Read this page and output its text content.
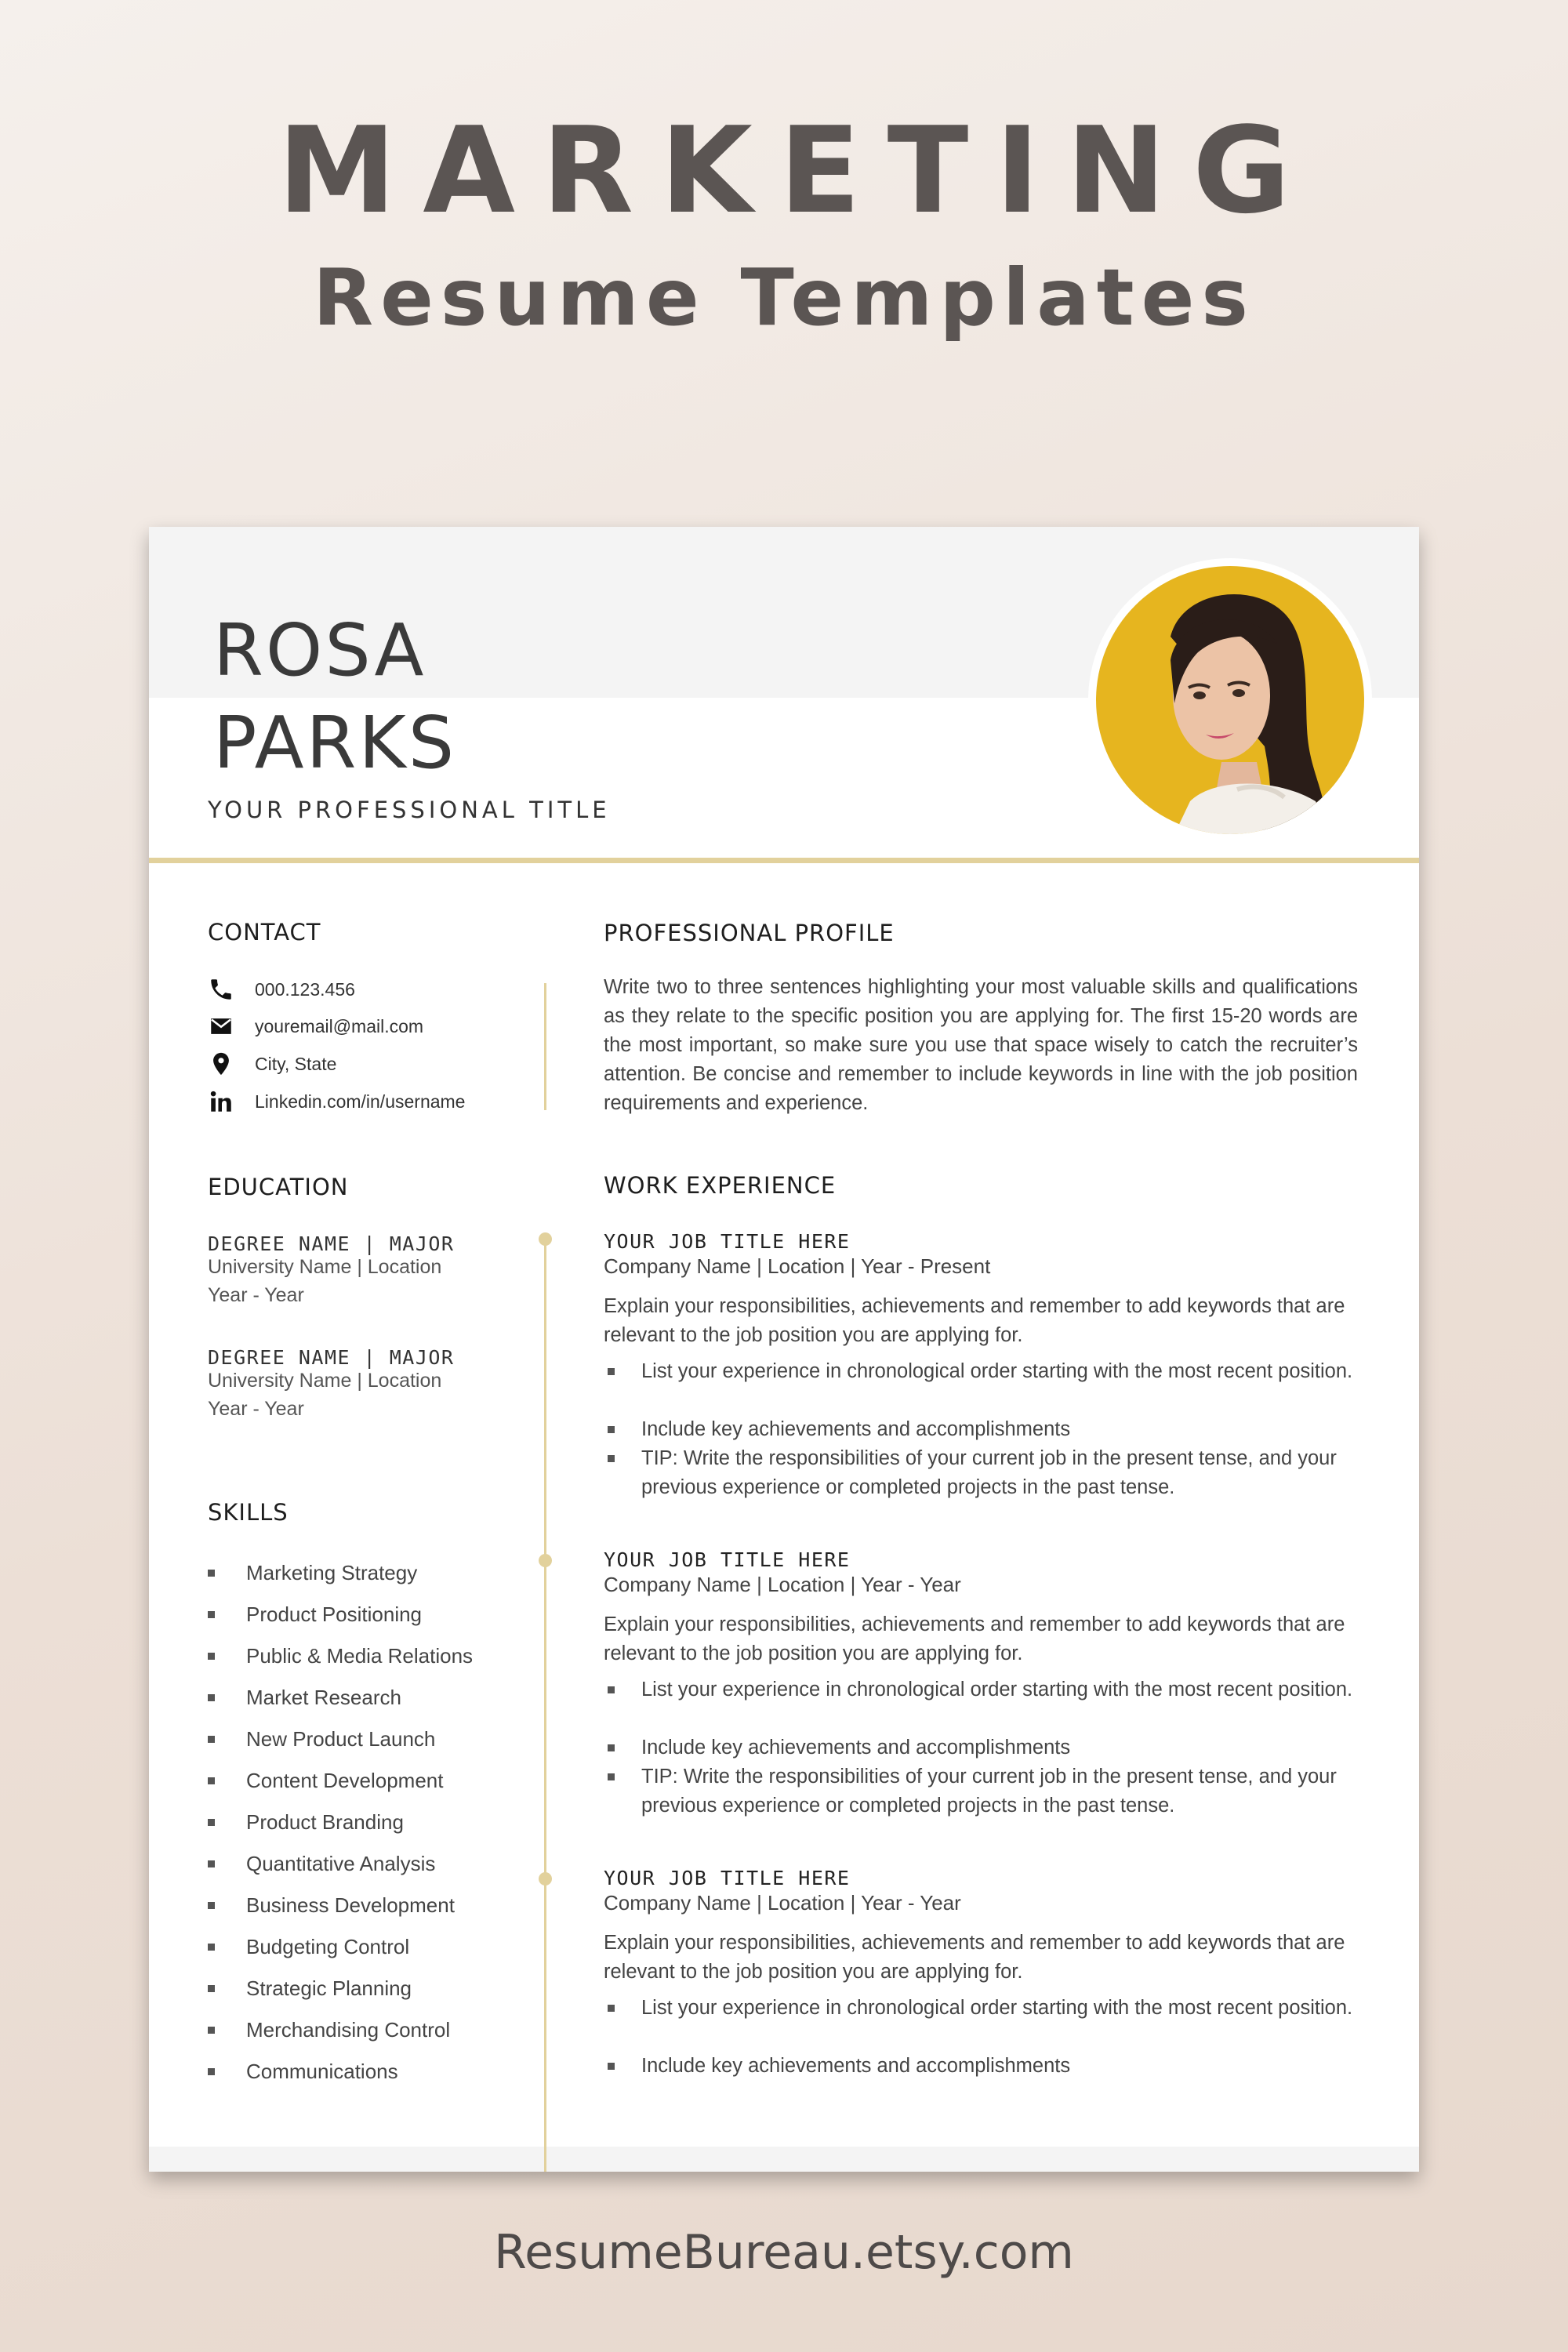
MARKETING
Resume Templates
ROSA
PARKS
YOUR PROFESSIONAL TITLE
CONTACT
000.123.456
youremail@mail.com
City, State
Linkedin.com/in/username
EDUCATION
DEGREE NAME | MAJOR
University Name | Location
Year - Year
DEGREE NAME | MAJOR
University Name | Location
Year - Year
SKILLS
Marketing Strategy
Product Positioning
Public & Media Relations
Market Research
New Product Launch
Content Development
Product Branding
Quantitative Analysis
Business Development
Budgeting Control
Strategic Planning
Merchandising Control
Communications
PROFESSIONAL PROFILE
Write two to three sentences highlighting your most valuable skills and qualifications as they relate to the specific position you are applying for. The first 15-20 words are the most important, so make sure you use that space wisely to catch the recruiter’s attention. Be concise and remember to include keywords in line with the job position requirements and experience.
WORK EXPERIENCE
YOUR JOB TITLE HERE
Company Name | Location | Year - Present
Explain your responsibilities, achievements and remember to add keywords that are relevant to the job position you are applying for.
List your experience in chronological order starting with the most recent position.
Include key achievements and accomplishments
TIP: Write the responsibilities of your current job in the present tense, and your previous experience or completed projects in the past tense.
YOUR JOB TITLE HERE
Company Name | Location | Year - Year
Explain your responsibilities, achievements and remember to add keywords that are relevant to the job position you are applying for.
List your experience in chronological order starting with the most recent position.
Include key achievements and accomplishments
TIP: Write the responsibilities of your current job in the present tense, and your previous experience or completed projects in the past tense.
YOUR JOB TITLE HERE
Company Name | Location | Year - Year
Explain your responsibilities, achievements and remember to add keywords that are relevant to the job position you are applying for.
List your experience in chronological order starting with the most recent position.
Include key achievements and accomplishments
ResumeBureau.etsy.com
